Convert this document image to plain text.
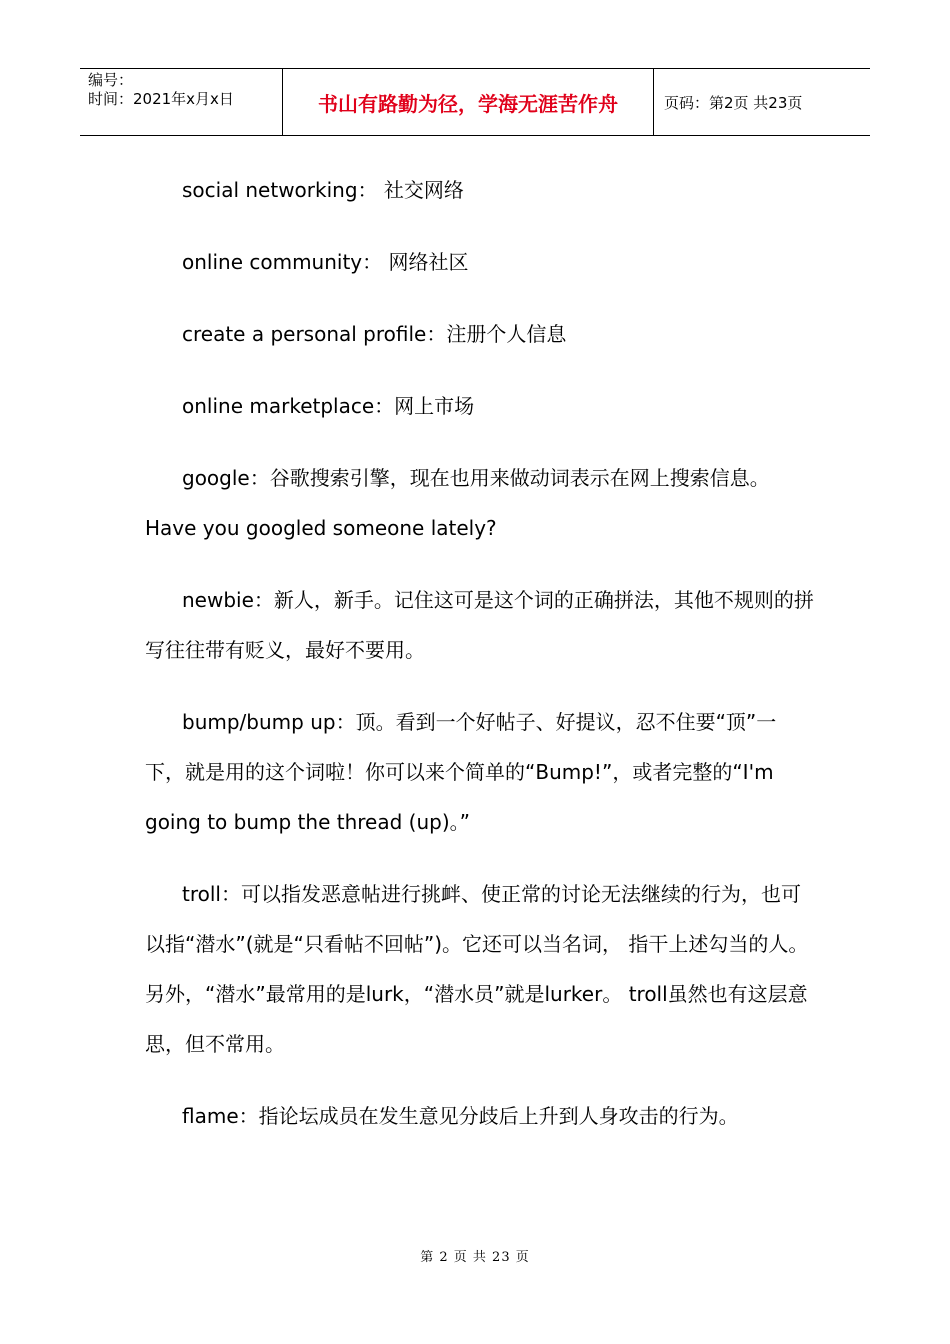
编号：
时间：2021年x月x日	书山有路勤为径，学海无涯苦作舟	页码：第2页 共23页

social networking： 社交网络

online community： 网络社区

create a personal profile：注册个人信息

online marketplace：网上市场

google：谷歌搜索引擎，现在也用来做动词表示在网上搜索信息。Have you googled someone lately?

newbie：新人，新手。记住这可是这个词的正确拼法，其他不规则的拼写往往带有贬义，最好不要用。

bump/bump up：顶。看到一个好帖子、好提议，忍不住要“顶”一下，就是用的这个词啦！你可以来个简单的“Bump!”，或者完整的“I'm going to bump the thread (up)。”

troll：可以指发恶意帖进行挑衅、使正常的讨论无法继续的行为，也可以指“潜水”(就是“只看帖不回帖”)。它还可以当名词， 指干上述勾当的人。另外，“潜水”最常用的是lurk，“潜水员”就是lurker。 troll虽然也有这层意思，但不常用。

flame：指论坛成员在发生意见分歧后上升到人身攻击的行为。

第 2 页 共 23 页
